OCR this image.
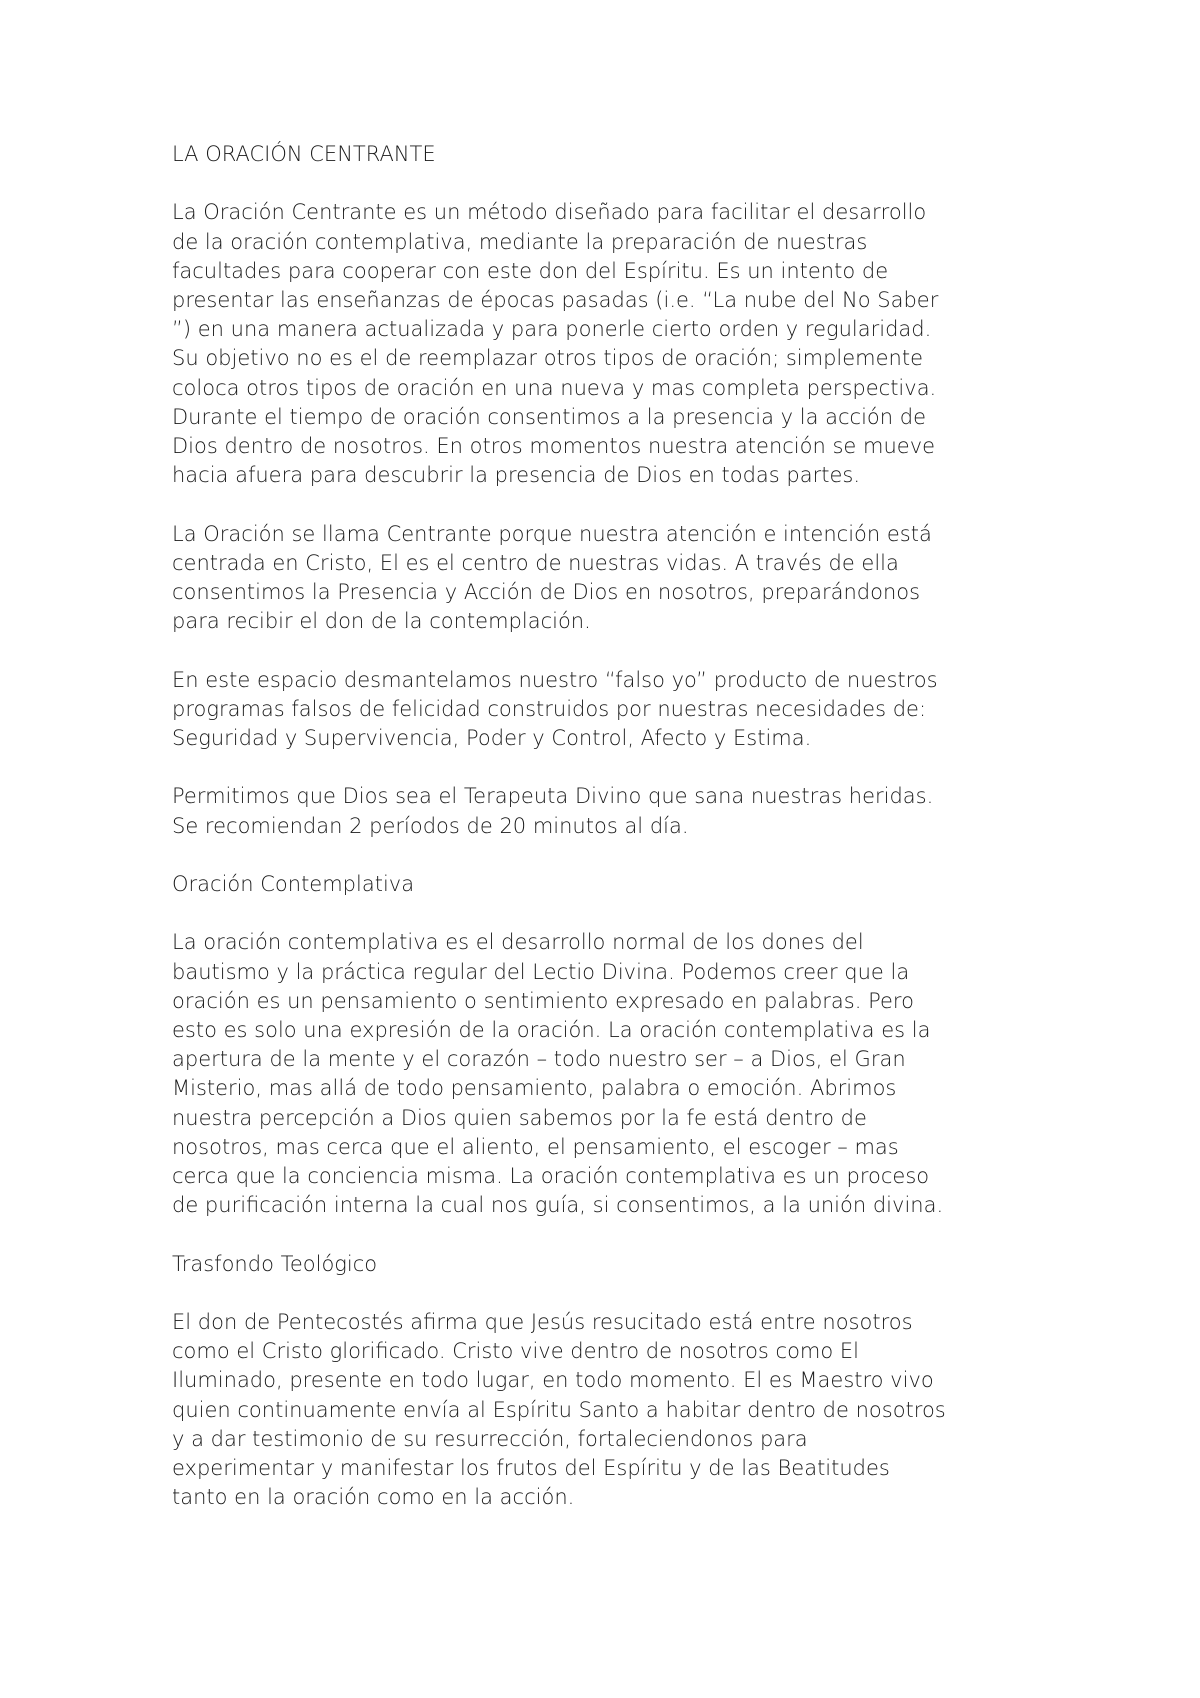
LA ORACIÓN CENTRANTE

La Oración Centrante es un método diseñado para facilitar el desarrollo
de la oración contemplativa, mediante la preparación de nuestras
facultades para cooperar con este don del Espíritu. Es un intento de
presentar las enseñanzas de épocas pasadas (i.e. “La nube del No Saber
”) en una manera actualizada y para ponerle cierto orden y regularidad.
Su objetivo no es el de reemplazar otros tipos de oración; simplemente
coloca otros tipos de oración en una nueva y mas completa perspectiva.
Durante el tiempo de oración consentimos a la presencia y la acción de
Dios dentro de nosotros. En otros momentos nuestra atención se mueve
hacia afuera para descubrir la presencia de Dios en todas partes.

La Oración se llama Centrante porque nuestra atención e intención está
centrada en Cristo, El es el centro de nuestras vidas. A través de ella
consentimos la Presencia y Acción de Dios en nosotros, preparándonos
para recibir el don de la contemplación.

En este espacio desmantelamos nuestro “falso yo” producto de nuestros
programas falsos de felicidad construidos por nuestras necesidades de:
Seguridad y Supervivencia, Poder y Control, Afecto y Estima.

Permitimos que Dios sea el Terapeuta Divino que sana nuestras heridas.
Se recomiendan 2 períodos de 20 minutos al día.

Oración Contemplativa

La oración contemplativa es el desarrollo normal de los dones del
bautismo y la práctica regular del Lectio Divina. Podemos creer que la
oración es un pensamiento o sentimiento expresado en palabras. Pero
esto es solo una expresión de la oración. La oración contemplativa es la
apertura de la mente y el corazón – todo nuestro ser – a Dios, el Gran
Misterio, mas allá de todo pensamiento, palabra o emoción. Abrimos
nuestra percepción a Dios quien sabemos por la fe está dentro de
nosotros, mas cerca que el aliento, el pensamiento, el escoger – mas
cerca que la conciencia misma. La oración contemplativa es un proceso
de purificación interna la cual nos guía, si consentimos, a la unión divina.

Trasfondo Teológico

El don de Pentecostés afirma que Jesús resucitado está entre nosotros
como el Cristo glorificado. Cristo vive dentro de nosotros como El
Iluminado, presente en todo lugar, en todo momento. El es Maestro vivo
quien continuamente envía al Espíritu Santo a habitar dentro de nosotros
y a dar testimonio de su resurrección, fortaleciendonos para
experimentar y manifestar los frutos del Espíritu y de las Beatitudes
tanto en la oración como en la acción.
